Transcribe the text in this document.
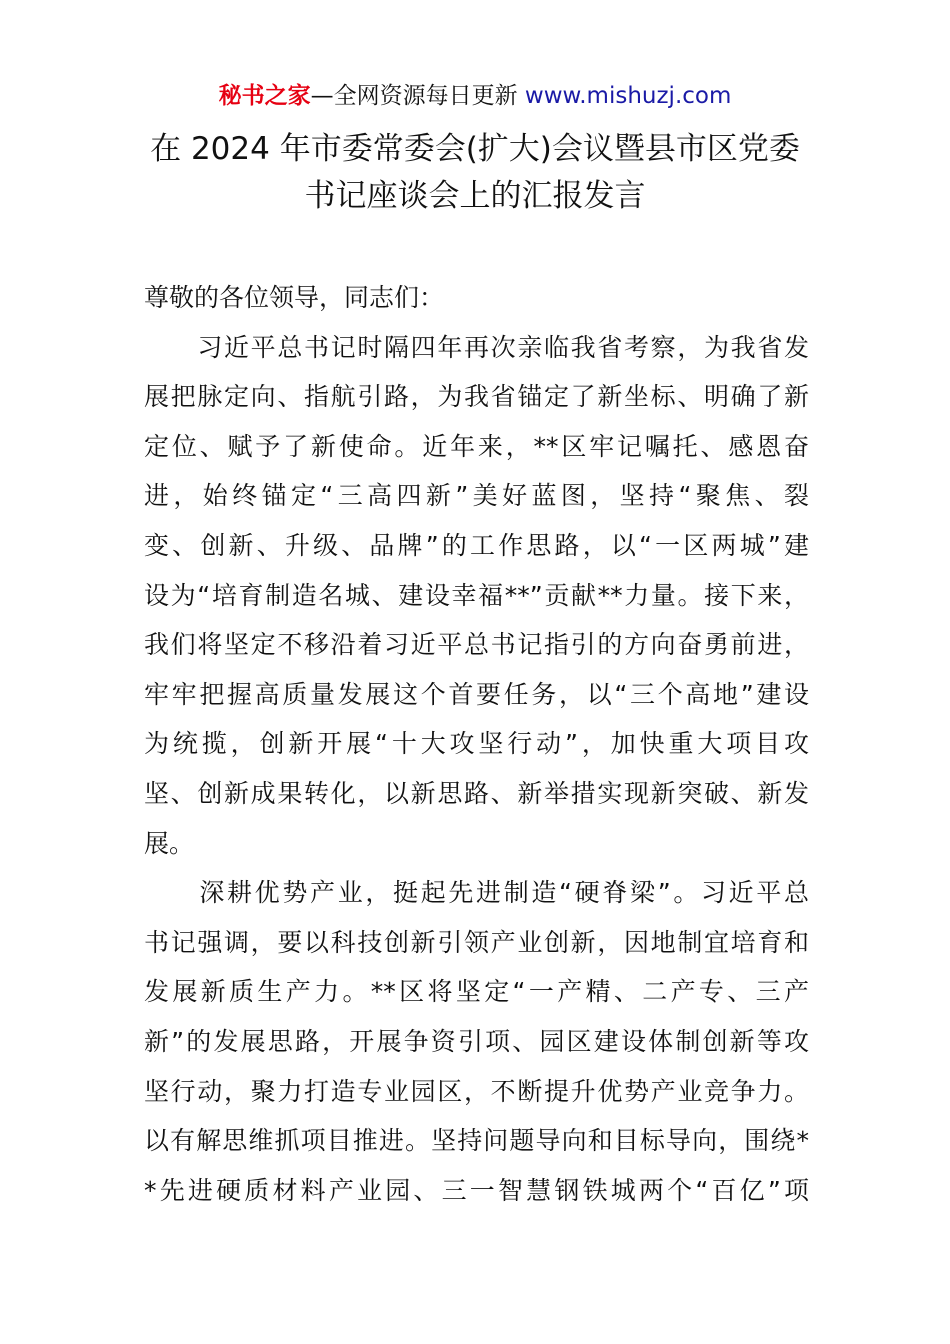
秘书之家—全网资源每日更新 www.mishuzj.com
在 2024 年市委常委会(扩大)会议暨县市区党委
书记座谈会上的汇报发言
尊敬的各位领导，同志们：
　　习近平总书记时隔四年再次亲临我省考察，为我省发
展把脉定向、指航引路，为我省锚定了新坐标、明确了新
定位、赋予了新使命。近年来，**区牢记嘱托、感恩奋
进，始终锚定“三高四新”美好蓝图，坚持“聚焦、裂
变、创新、升级、品牌”的工作思路，以“一区两城”建
设为“培育制造名城、建设幸福**”贡献**力量。接下来，
我们将坚定不移沿着习近平总书记指引的方向奋勇前进，
牢牢把握高质量发展这个首要任务，以“三个高地”建设
为统揽，创新开展“十大攻坚行动”，加快重大项目攻
坚、创新成果转化，以新思路、新举措实现新突破、新发
展。
　　深耕优势产业，挺起先进制造“硬脊梁”。习近平总
书记强调，要以科技创新引领产业创新，因地制宜培育和
发展新质生产力。**区将坚定“一产精、二产专、三产
新”的发展思路，开展争资引项、园区建设体制创新等攻
坚行动，聚力打造专业园区，不断提升优势产业竞争力。
以有解思维抓项目推进。坚持问题导向和目标导向，围绕*
*先进硬质材料产业园、三一智慧钢铁城两个“百亿”项
